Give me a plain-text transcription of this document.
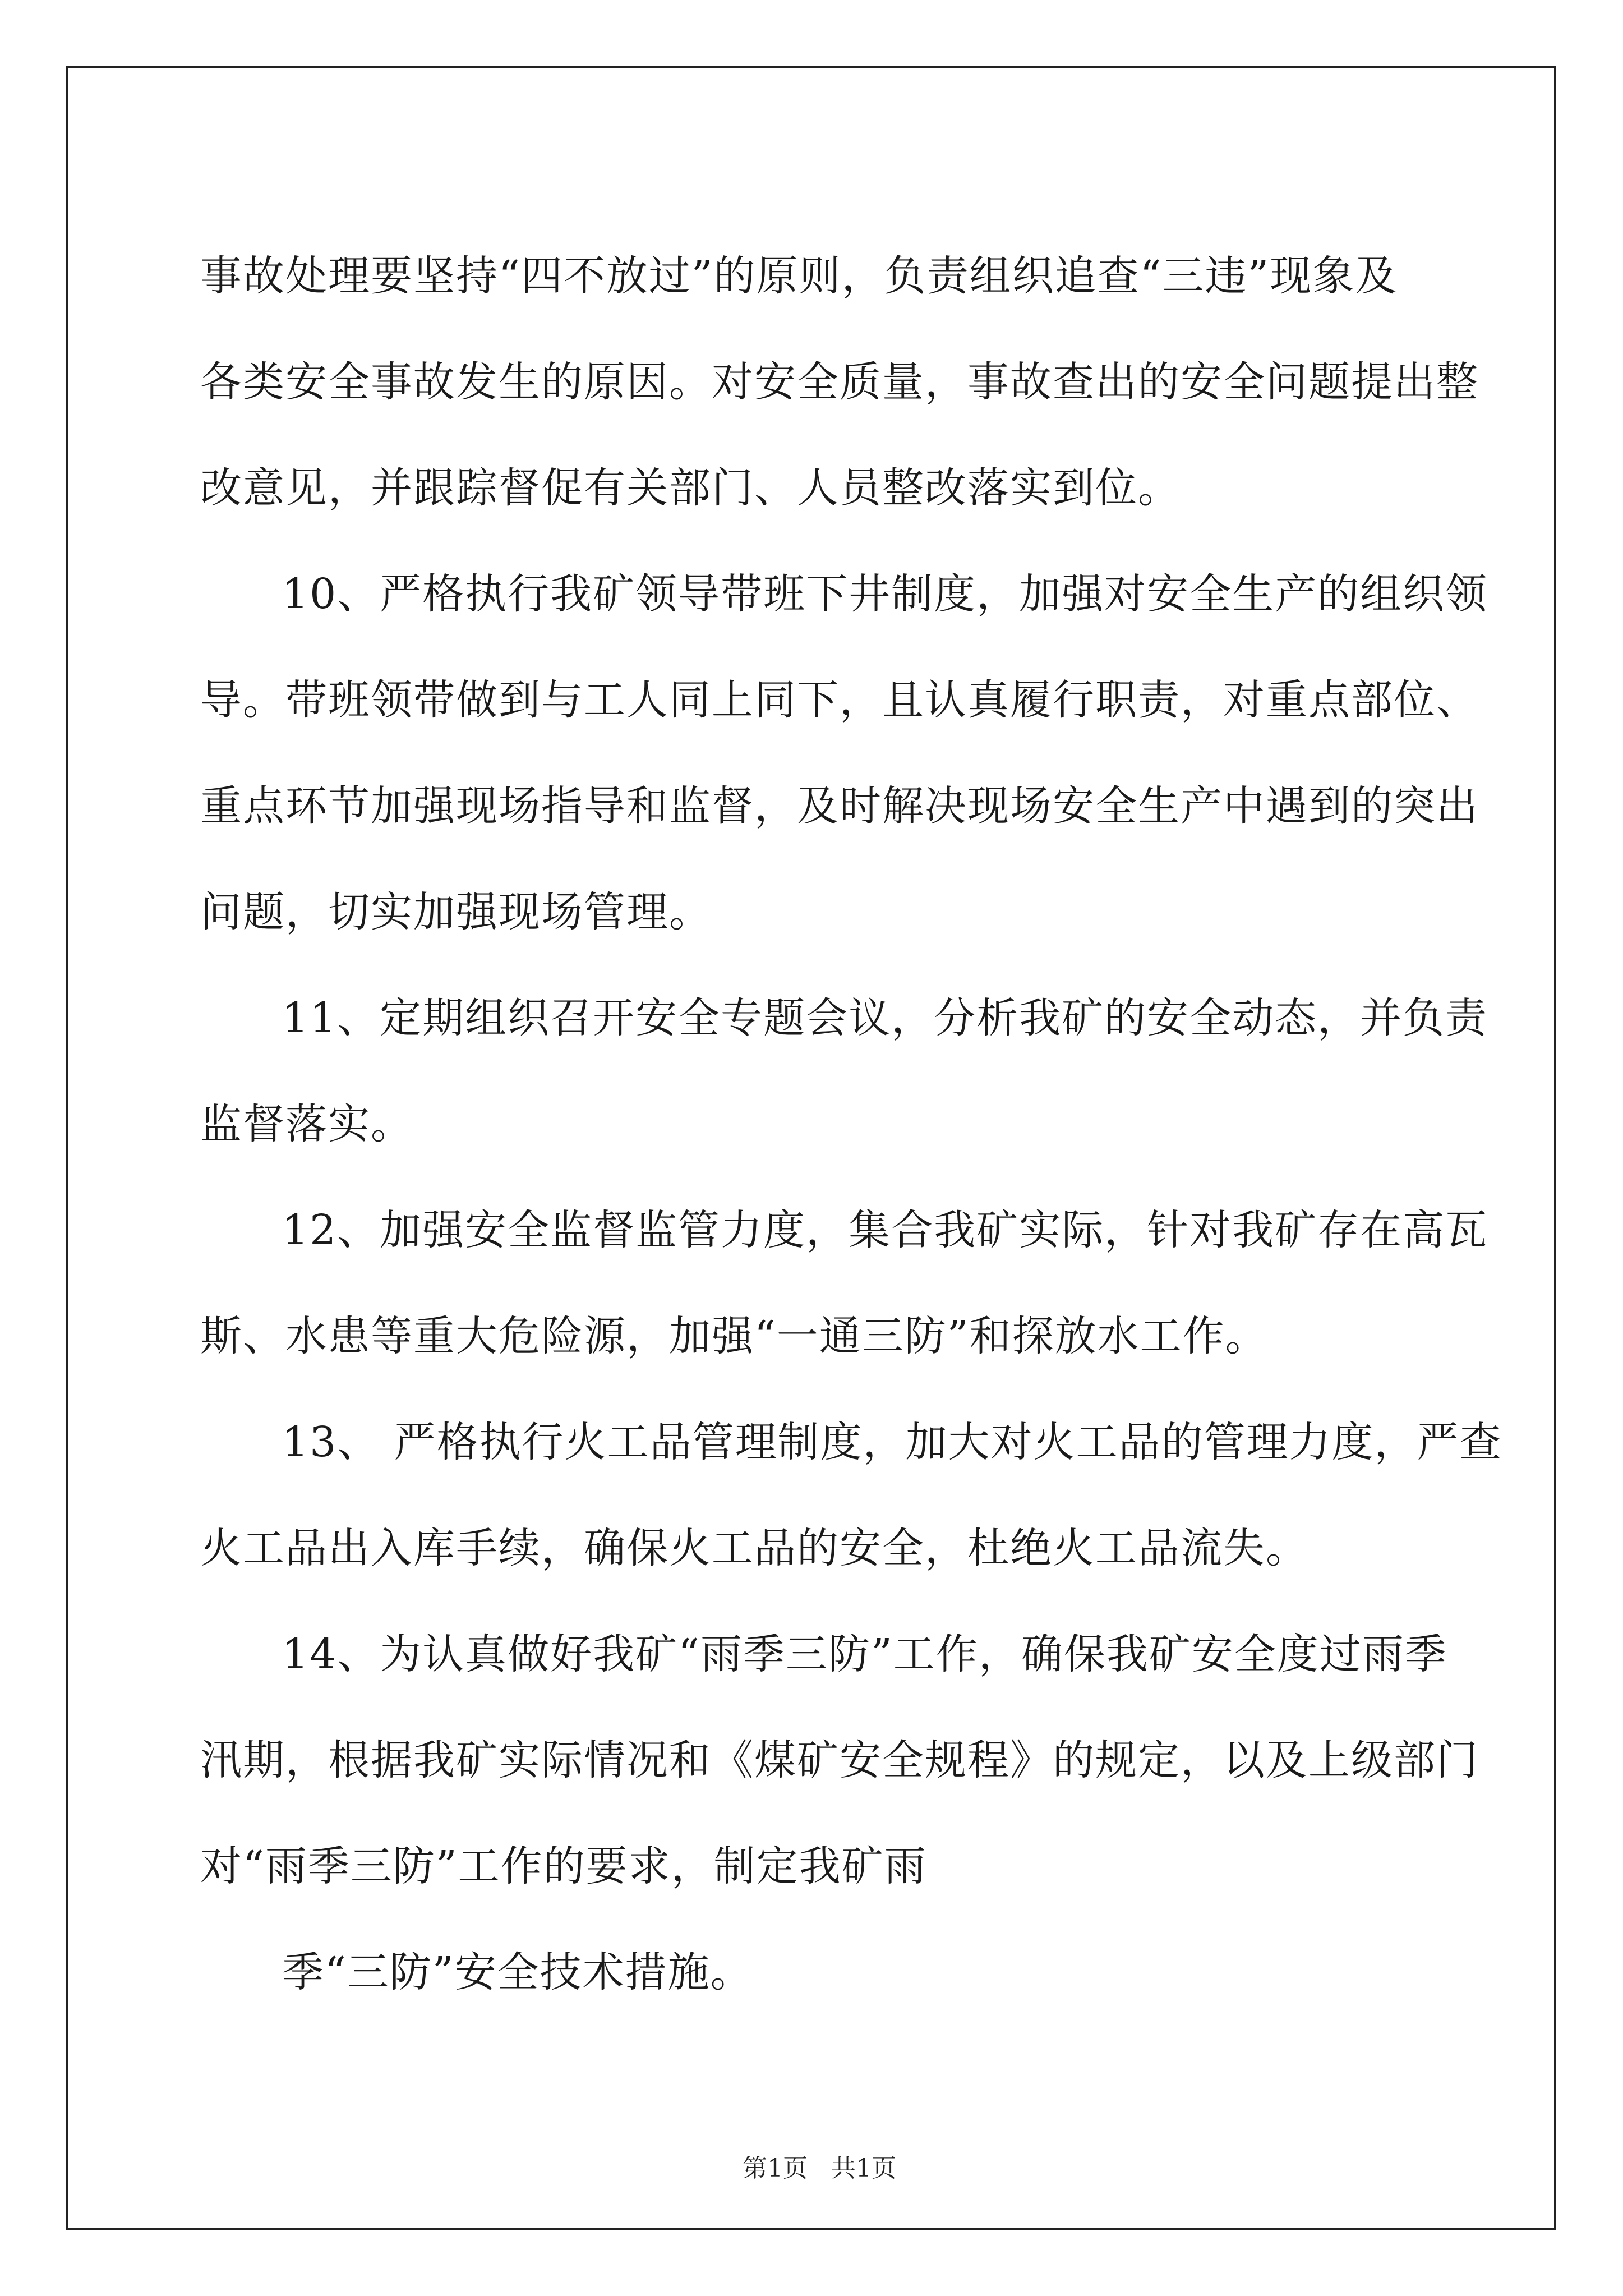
事故处理要坚持“四不放过”的原则，负责组织追查“三违”现象及
各类安全事故发生的原因。对安全质量，事故查出的安全问题提出整
改意见，并跟踪督促有关部门、人员整改落实到位。

10、严格执行我矿领导带班下井制度，加强对安全生产的组织领
导。带班领带做到与工人同上同下，且认真履行职责，对重点部位、
重点环节加强现场指导和监督，及时解决现场安全生产中遇到的突出
问题，切实加强现场管理。

11、定期组织召开安全专题会议，分析我矿的安全动态，并负责
监督落实。

12、加强安全监督监管力度，集合我矿实际，针对我矿存在高瓦
斯、水患等重大危险源，加强“一通三防”和探放水工作。

13、 严格执行火工品管理制度，加大对火工品的管理力度，严查
火工品出入库手续，确保火工品的安全，杜绝火工品流失。

14、为认真做好我矿“雨季三防”工作，确保我矿安全度过雨季
汛期，根据我矿实际情况和《煤矿安全规程》的规定，以及上级部门
对“雨季三防”工作的要求，制定我矿雨

季“三防”安全技术措施。

第1页   共1页
